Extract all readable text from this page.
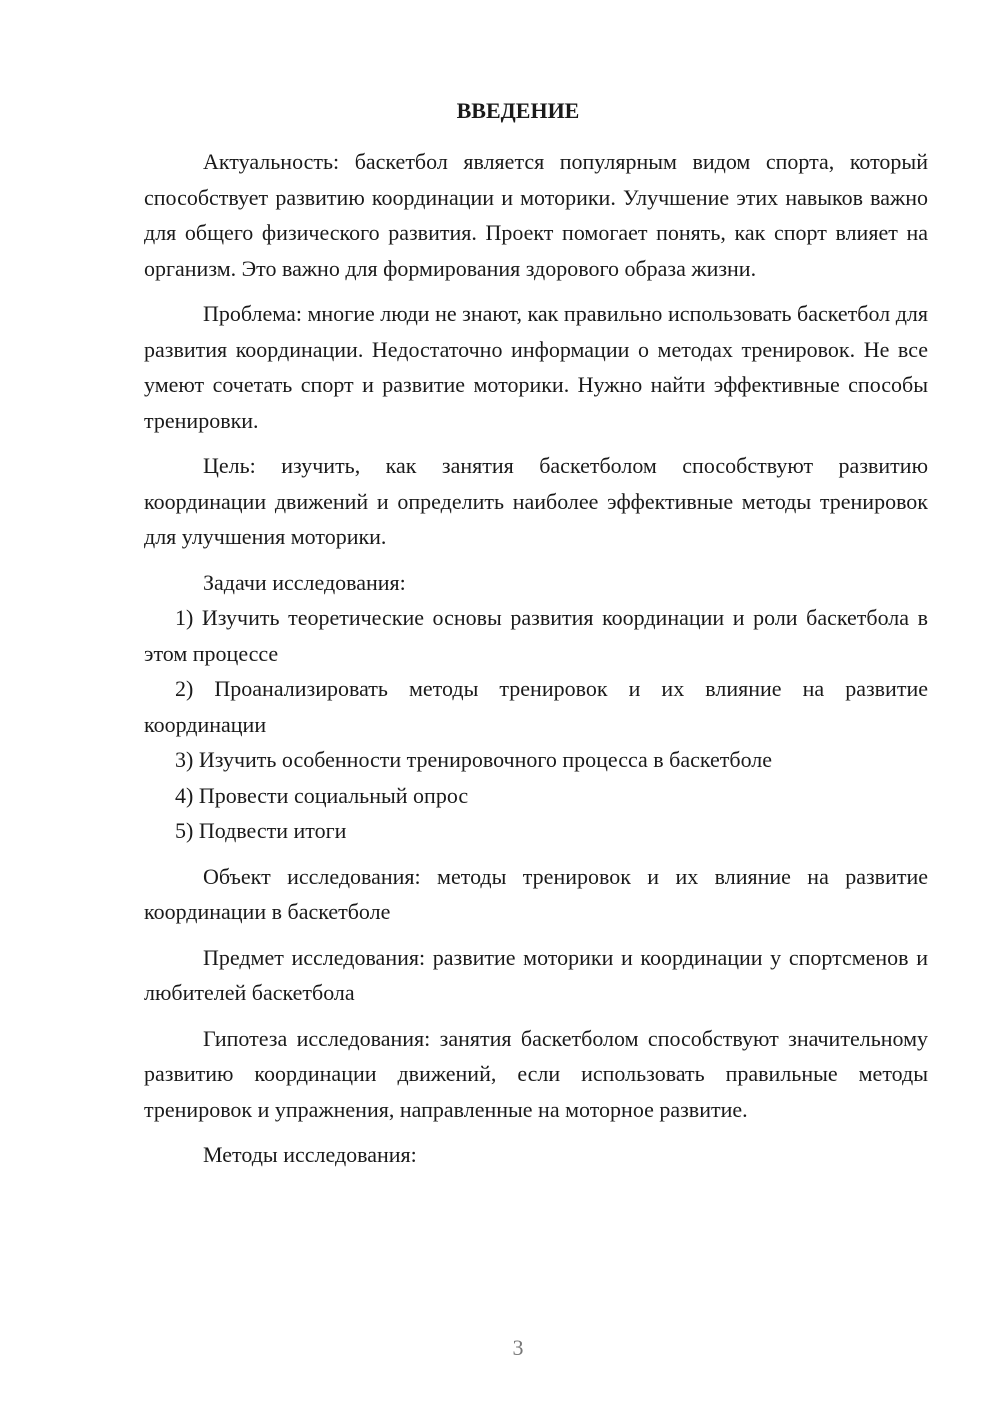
ВВЕДЕНИЕ

Актуальность: баскетбол является популярным видом спорта, который способствует развитию координации и моторики. Улучшение этих навыков важно для общего физического развития. Проект помогает понять, как спорт влияет на организм. Это важно для формирования здорового образа жизни.

Проблема: многие люди не знают, как правильно использовать баскетбол для развития координации. Недостаточно информации о методах тренировок. Не все умеют сочетать спорт и развитие моторики. Нужно найти эффективные способы тренировки.

Цель: изучить, как занятия баскетболом способствуют развитию координации движений и определить наиболее эффективные методы тренировок для улучшения моторики.

Задачи исследования:

1) Изучить теоретические основы развития координации и роли баскетбола в этом процессе

2) Проанализировать методы тренировок и их влияние на развитие координации

3) Изучить особенности тренировочного процесса в баскетболе

4) Провести социальный опрос

5) Подвести итоги

Объект исследования: методы тренировок и их влияние на развитие координации в баскетболе

Предмет исследования: развитие моторики и координации у спортсменов и любителей баскетбола

Гипотеза исследования: занятия баскетболом способствуют значительному развитию координации движений, если использовать правильные методы тренировок и упражнения, направленные на моторное развитие.

Методы исследования:

3
